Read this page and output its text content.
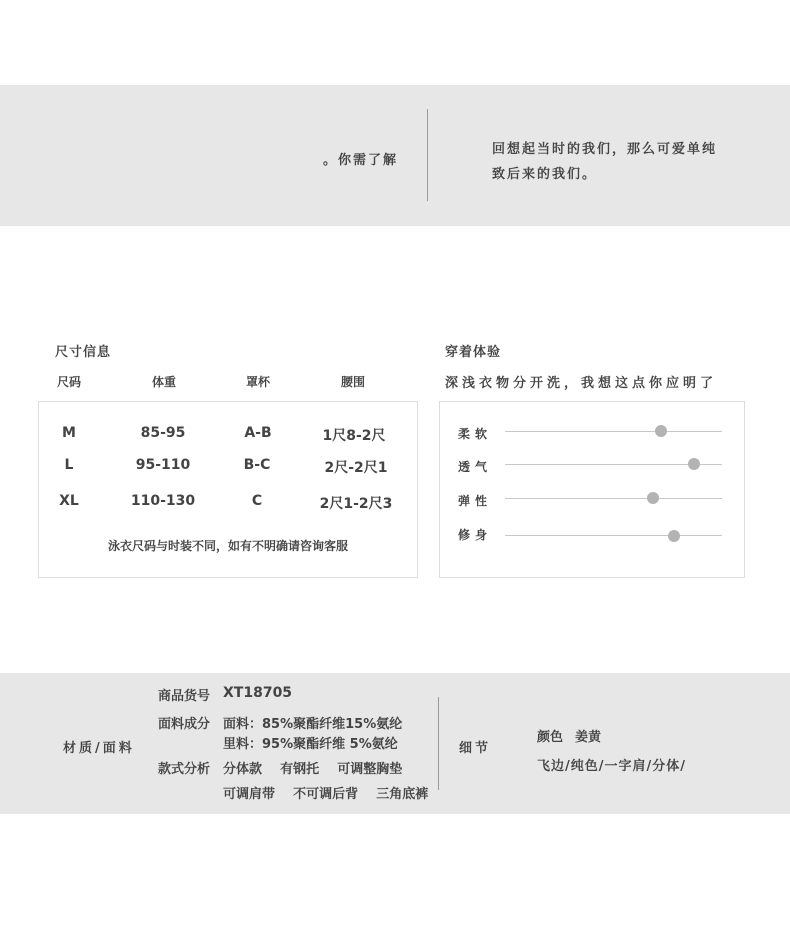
。你需了解
回想起当时的我们，那么可爱单纯
致后来的我们。
尺寸信息
尺码	体重	罩杯	腰围
M	85-95	A-B	1尺8-2尺
L	95-110	B-C	2尺-2尺1
XL	110-130	C	2尺1-2尺3
泳衣尺码与时装不同，如有不明确请咨询客服
穿着体验
深浅衣物分开洗，我想这点你应明了
柔软
透气
弹性
修身
材质/面料
商品货号 XT18705
面料成分 面料：85%聚酯纤维15%氨纶
里料：95%聚酯纤维 5%氨纶
款式分析 分体款    有钢托    可调整胸垫
可调肩带    不可调后背    三角底裤
细节
颜色 姜黄
飞边/纯色/一字肩/分体/
